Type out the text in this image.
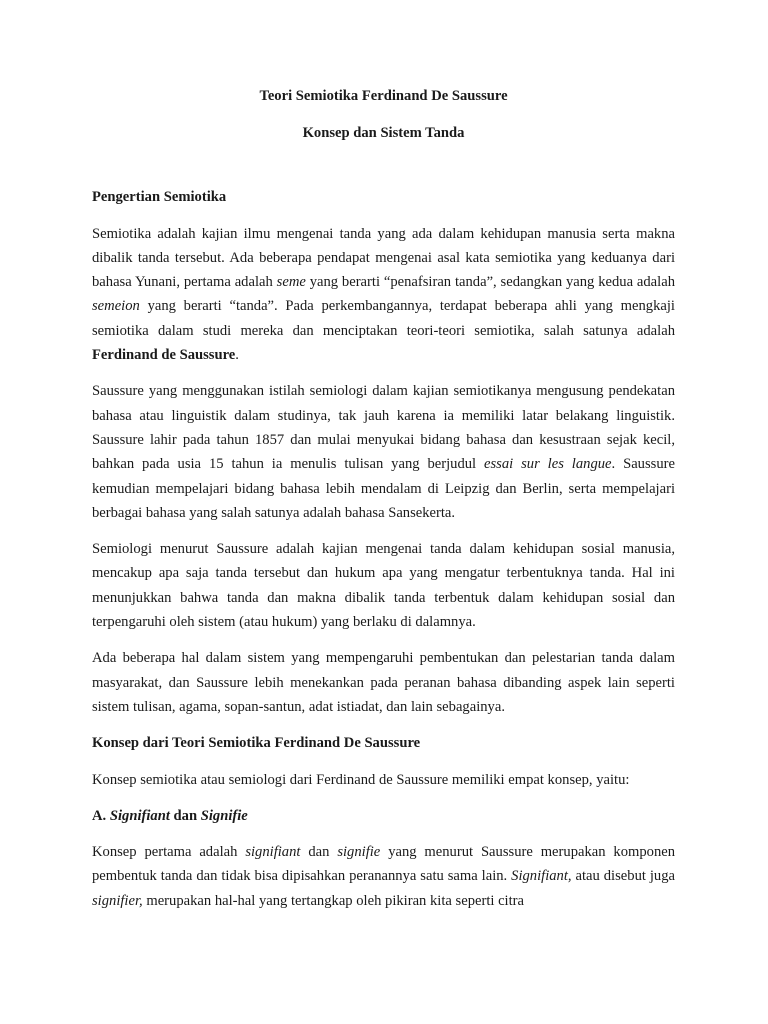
Teori Semiotika Ferdinand De Saussure

Konsep dan Sistem Tanda

Pengertian Semiotika

Semiotika adalah kajian ilmu mengenai tanda yang ada dalam kehidupan manusia serta makna dibalik tanda tersebut. Ada beberapa pendapat mengenai asal kata semiotika yang keduanya dari bahasa Yunani, pertama adalah seme yang berarti “penafsiran tanda”, sedangkan yang kedua adalah semeion yang berarti “tanda”. Pada perkembangannya, terdapat beberapa ahli yang mengkaji semiotika dalam studi mereka dan menciptakan teori-teori semiotika, salah satunya adalah Ferdinand de Saussure.

Saussure yang menggunakan istilah semiologi dalam kajian semiotikanya mengusung pendekatan bahasa atau linguistik dalam studinya, tak jauh karena ia memiliki latar belakang linguistik. Saussure lahir pada tahun 1857 dan mulai menyukai bidang bahasa dan kesustraan sejak kecil, bahkan pada usia 15 tahun ia menulis tulisan yang berjudul essai sur les langue. Saussure kemudian mempelajari bidang bahasa lebih mendalam di Leipzig dan Berlin, serta mempelajari berbagai bahasa yang salah satunya adalah bahasa Sansekerta.

Semiologi menurut Saussure adalah kajian mengenai tanda dalam kehidupan sosial manusia, mencakup apa saja tanda tersebut dan hukum apa yang mengatur terbentuknya tanda. Hal ini menunjukkan bahwa tanda dan makna dibalik tanda terbentuk dalam kehidupan sosial dan terpengaruhi oleh sistem (atau hukum) yang berlaku di dalamnya.

Ada beberapa hal dalam sistem yang mempengaruhi pembentukan dan pelestarian tanda dalam masyarakat, dan Saussure lebih menekankan pada peranan bahasa dibanding aspek lain seperti sistem tulisan, agama, sopan-santun, adat istiadat, dan lain sebagainya.

Konsep dari Teori Semiotika Ferdinand De Saussure

Konsep semiotika atau semiologi dari Ferdinand de Saussure memiliki empat konsep, yaitu:

A. Signifiant dan Signifie

Konsep pertama adalah signifiant dan signifie yang menurut Saussure merupakan komponen pembentuk tanda dan tidak bisa dipisahkan peranannya satu sama lain. Signifiant, atau disebut juga signifier, merupakan hal-hal yang tertangkap oleh pikiran kita seperti citra
